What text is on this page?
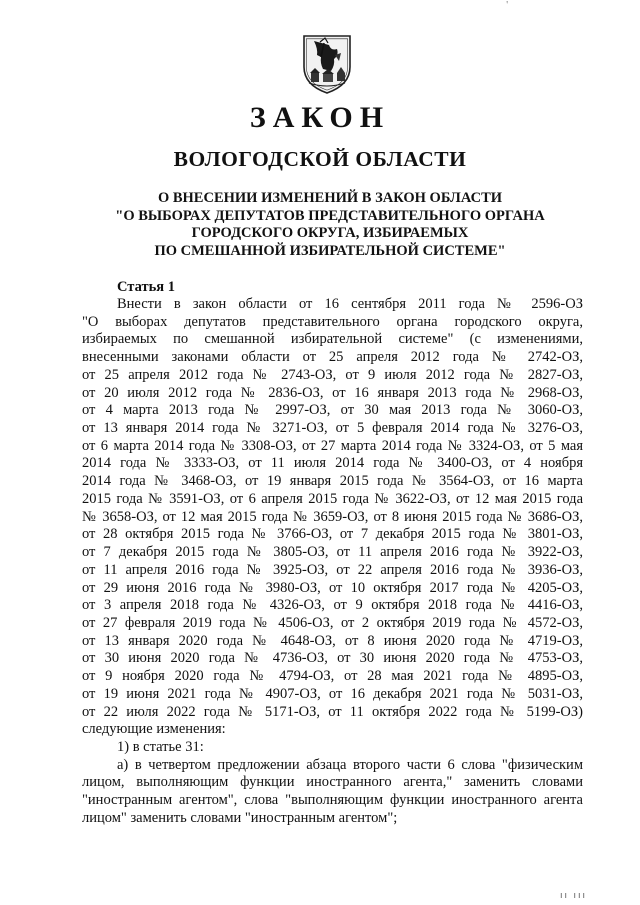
'
ЗАКОН
ВОЛОГОДСКОЙ ОБЛАСТИ
О ВНЕСЕНИИ ИЗМЕНЕНИЙ В ЗАКОН ОБЛАСТИ
"О ВЫБОРАХ ДЕПУТАТОВ ПРЕДСТАВИТЕЛЬНОГО ОРГАНА
ГОРОДСКОГО ОКРУГА, ИЗБИРАЕМЫХ
ПО СМЕШАННОЙ ИЗБИРАТЕЛЬНОЙ СИСТЕМЕ"
Статья 1
Внести в закон области от 16 сентября 2011 года № 2596-ОЗ
"О выборах депутатов представительного органа городского округа,
избираемых по смешанной избирательной системе" (с изменениями,
внесенными законами области от 25 апреля 2012 года № 2742-ОЗ,
от 25 апреля 2012 года № 2743-ОЗ, от 9 июля 2012 года № 2827-ОЗ,
от 20 июля 2012 года № 2836-ОЗ, от 16 января 2013 года № 2968-ОЗ,
от 4 марта 2013 года № 2997-ОЗ, от 30 мая 2013 года № 3060-ОЗ,
от 13 января 2014 года № 3271-ОЗ, от 5 февраля 2014 года № 3276-ОЗ,
от 6 марта 2014 года № 3308-ОЗ, от 27 марта 2014 года № 3324-ОЗ, от 5 мая
2014 года № 3333-ОЗ, от 11 июля 2014 года № 3400-ОЗ, от 4 ноября
2014 года № 3468-ОЗ, от 19 января 2015 года № 3564-ОЗ, от 16 марта
2015 года № 3591-ОЗ, от 6 апреля 2015 года № 3622-ОЗ, от 12 мая 2015 года
№ 3658-ОЗ, от 12 мая 2015 года № 3659-ОЗ, от 8 июня 2015 года № 3686-ОЗ,
от 28 октября 2015 года № 3766-ОЗ, от 7 декабря 2015 года № 3801-ОЗ,
от 7 декабря 2015 года № 3805-ОЗ, от 11 апреля 2016 года № 3922-ОЗ,
от 11 апреля 2016 года № 3925-ОЗ, от 22 апреля 2016 года № 3936-ОЗ,
от 29 июня 2016 года № 3980-ОЗ, от 10 октября 2017 года № 4205-ОЗ,
от 3 апреля 2018 года № 4326-ОЗ, от 9 октября 2018 года № 4416-ОЗ,
от 27 февраля 2019 года № 4506-ОЗ, от 2 октября 2019 года № 4572-ОЗ,
от 13 января 2020 года № 4648-ОЗ, от 8 июня 2020 года № 4719-ОЗ,
от 30 июня 2020 года № 4736-ОЗ, от 30 июня 2020 года № 4753-ОЗ,
от 9 ноября 2020 года № 4794-ОЗ, от 28 мая 2021 года № 4895-ОЗ,
от 19 июня 2021 года № 4907-ОЗ, от 16 декабря 2021 года № 5031-ОЗ,
от 22 июля 2022 года № 5171-ОЗ, от 11 октября 2022 года № 5199-ОЗ)
следующие изменения:
1) в статье 31:
а) в четвертом предложении абзаца второго части 6 слова "физическим
лицом, выполняющим функции иностранного агента," заменить словами
"иностранным агентом", слова "выполняющим функции иностранного агента
лицом" заменить словами "иностранным агентом";
ıı ııı
